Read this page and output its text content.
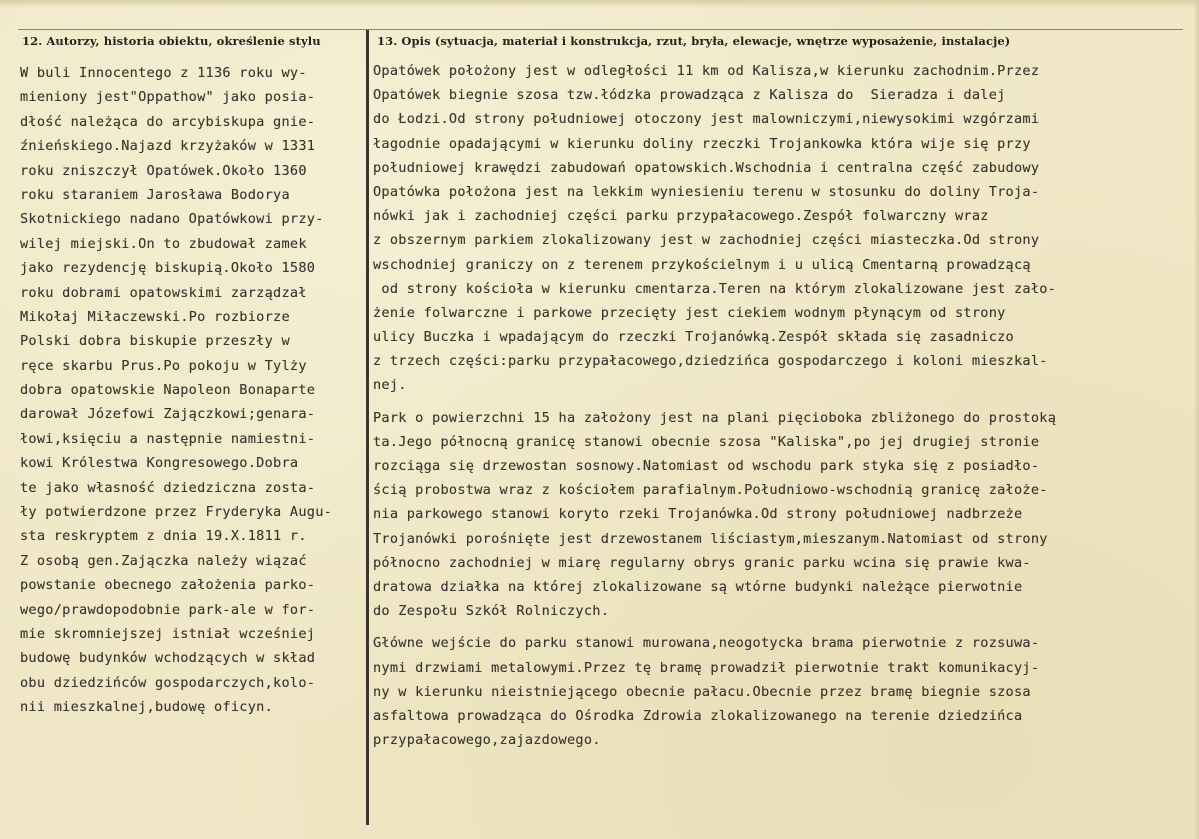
12. Autorzy, historia obiektu, określenie stylu	13. Opis (sytuacja, materiał i konstrukcja, rzut, bryła, elewacje, wnętrze wyposażenie, instalacje)
W buli Innocentego z 1136 roku wy-
mieniony jest"Oppathow" jako posia-
dłość należąca do arcybiskupa gnie-
źnieńskiego.Najazd krzyżaków w 1331
roku zniszczył Opatówek.Około 1360
roku staraniem Jarosława Bodorya
Skotnickiego nadano Opatówkowi przy-
wilej miejski.On to zbudował zamek
jako rezydencję biskupią.Około 1580
roku dobrami opatowskimi zarządzał
Mikołaj Miłaczewski.Po rozbiorze
Polski dobra biskupie przeszły w
ręce skarbu Prus.Po pokoju w Tylży
dobra opatowskie Napoleon Bonaparte
darował Józefowi Zajączkowi;genara-
łowi,księciu a następnie namiestni-
kowi Królestwa Kongresowego.Dobra
te jako własność dziedziczna zosta-
ły potwierdzone przez Fryderyka Augu-
sta reskryptem z dnia 19.X.1811 r.
Z osobą gen.Zajączka należy wiązać
powstanie obecnego założenia parko-
wego/prawdopodobnie park-ale w for-
mie skromniejszej istniał wcześniej
budowę budynków wchodzących w skład
obu dziedzińców gospodarczych,kolo-
nii mieszkalnej,budowę oficyn.
Opatówek położony jest w odległości 11 km od Kalisza,w kierunku zachodnim.Przez
Opatówek biegnie szosa tzw.łódzka prowadząca z Kalisza do  Sieradza i dalej
do Łodzi.Od strony południowej otoczony jest malowniczymi,niewysokimi wzgórzami
łagodnie opadającymi w kierunku doliny rzeczki Trojankowka która wije się przy
południowej krawędzi zabudowań opatowskich.Wschodnia i centralna część zabudowy
Opatówka położona jest na lekkim wyniesieniu terenu w stosunku do doliny Troja-
nówki jak i zachodniej części parku przypałacowego.Zespół folwarczny wraz
z obszernym parkiem zlokalizowany jest w zachodniej części miasteczka.Od strony
wschodniej graniczy on z terenem przykościelnym i u ulicą Cmentarną prowadzącą
od strony kościoła w kierunku cmentarza.Teren na którym zlokalizowane jest zało-
żenie folwarczne i parkowe przecięty jest ciekiem wodnym płynącym od strony
ulicy Buczka i wpadającym do rzeczki Trojanówką.Zespół składa się zasadniczo
z trzech części:parku przypałacowego,dziedzińca gospodarczego i koloni mieszkal-
nej.
Park o powierzchni 15 ha założony jest na plani pięcioboka zbliżonego do prostoką
ta.Jego północną granicę stanowi obecnie szosa "Kaliska",po jej drugiej stronie
rozciąga się drzewostan sosnowy.Natomiast od wschodu park styka się z posiadło-
ścią probostwa wraz z kościołem parafialnym.Południowo-wschodnią granicę założe-
nia parkowego stanowi koryto rzeki Trojanówka.Od strony południowej nadbrzeże
Trojanówki porośnięte jest drzewostanem liściastym,mieszanym.Natomiast od strony
północno zachodniej w miarę regularny obrys granic parku wcina się prawie kwa-
dratowa działka na której zlokalizowane są wtórne budynki należące pierwotnie
do Zespołu Szkół Rolniczych.
Główne wejście do parku stanowi murowana,neogotycka brama pierwotnie z rozsuwa-
nymi drzwiami metalowymi.Przez tę bramę prowadził pierwotnie trakt komunikacyj-
ny w kierunku nieistniejącego obecnie pałacu.Obecnie przez bramę biegnie szosa
asfaltowa prowadząca do Ośrodka Zdrowia zlokalizowanego na terenie dziedzińca
przypałacowego,zajazdowego.
